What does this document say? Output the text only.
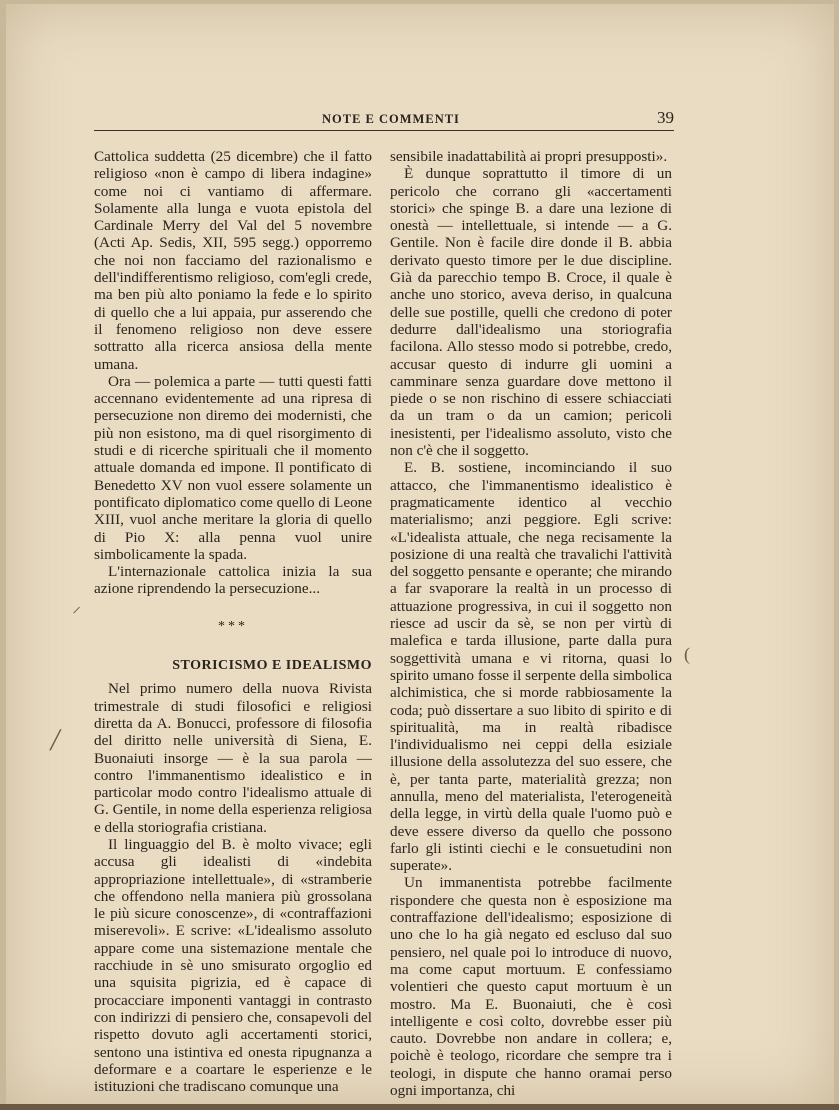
NOTE E COMMENTI	39

Cattolica suddetta (25 dicembre) che il fatto religioso «non è campo di libera indagine» come noi ci vantiamo di affermare. Solamente alla lunga e vuota epistola del Cardinale Merry del Val del 5 novembre (Acti Ap. Sedis, XII, 595 segg.) opporremo che noi non facciamo del razionalismo e dell'indifferentismo religioso, com'egli crede, ma ben più alto poniamo la fede e lo spirito di quello che a lui appaia, pur asserendo che il fenomeno religioso non deve essere sottratto alla ricerca ansiosa della mente umana.

Ora — polemica a parte — tutti questi fatti accennano evidentemente ad una ripresa di persecuzione non diremo dei modernisti, che più non esistono, ma di quel risorgimento di studi e di ricerche spirituali che il momento attuale domanda ed impone. Il pontificato di Benedetto XV non vuol essere solamente un pontificato diplomatico come quello di Leone XIII, vuol anche meritare la gloria di quello di Pio X: alla penna vuol unire simbolicamente la spada.

L'internazionale cattolica inizia la sua azione riprendendo la persecuzione...

***
STORICISMO E IDEALISMO

Nel primo numero della nuova Rivista trimestrale di studi filosofici e religiosi diretta da A. Bonucci, professore di filosofia del diritto nelle università di Siena, E. Buonaiuti insorge — è la sua parola — contro l'immanentismo idealistico e in particolar modo contro l'idealismo attuale di G. Gentile, in nome della esperienza religiosa e della storiografia cristiana.

Il linguaggio del B. è molto vivace; egli accusa gli idealisti di «indebita appropriazione intellettuale», di «stramberie che offendono nella maniera più grossolana le più sicure conoscenze», di «contraffazioni miserevoli». E scrive: «L'idealismo assoluto appare come una sistemazione mentale che racchiude in sè uno smisurato orgoglio ed una squisita pigrizia, ed è capace di procacciare imponenti vantaggi in contrasto con indirizzi di pensiero che, consapevoli del rispetto dovuto agli accertamenti storici, sentono una istintiva ed onesta ripugnanza a deformare e a coartare le esperienze e le istituzioni che tradiscano comunque una

sensibile inadattabilità ai propri presupposti».

È dunque soprattutto il timore di un pericolo che corrano gli «accertamenti storici» che spinge B. a dare una lezione di onestà — intellettuale, si intende — a G. Gentile. Non è facile dire donde il B. abbia derivato questo timore per le due discipline. Già da parecchio tempo B. Croce, il quale è anche uno storico, aveva deriso, in qualcuna delle sue postille, quelli che credono di poter dedurre dall'idealismo una storiografia facilona. Allo stesso modo si potrebbe, credo, accusar questo di indurre gli uomini a camminare senza guardare dove mettono il piede o se non rischino di essere schiacciati da un tram o da un camion; pericoli inesistenti, per l'idealismo assoluto, visto che non c'è che il soggetto.

E. B. sostiene, incominciando il suo attacco, che l'immanentismo idealistico è pragmaticamente identico al vecchio materialismo; anzi peggiore. Egli scrive: «L'idealista attuale, che nega recisamente la posizione di una realtà che travalichi l'attività del soggetto pensante e operante; che mirando a far svaporare la realtà in un processo di attuazione progressiva, in cui il soggetto non riesce ad uscir da sè, se non per virtù di malefica e tarda illusione, parte dalla pura soggettività umana e vi ritorna, quasi lo spirito umano fosse il serpente della simbolica alchimistica, che si morde rabbiosamente la coda; può dissertare a suo libito di spirito e di spiritualità, ma in realtà ribadisce l'individualismo nei ceppi della esiziale illusione della assolutezza del suo essere, che è, per tanta parte, materialità grezza; non annulla, meno del materialista, l'eterogeneità della legge, in virtù della quale l'uomo può e deve essere diverso da quello che possono farlo gli istinti ciechi e le consuetudini non superate».

Un immanentista potrebbe facilmente rispondere che questa non è esposizione ma contraffazione dell'idealismo; esposizione di uno che lo ha già negato ed escluso dal suo pensiero, nel quale poi lo introduce di nuovo, ma come caput mortuum. E confessiamo volentieri che questo caput mortuum è un mostro. Ma E. Buonaiuti, che è così intelligente e così colto, dovrebbe esser più cauto. Dovrebbe non andare in collera; e, poichè è teologo, ricordare che sempre tra i teologi, in dispute che hanno oramai perso ogni importanza, chi

⸝
╱
(
